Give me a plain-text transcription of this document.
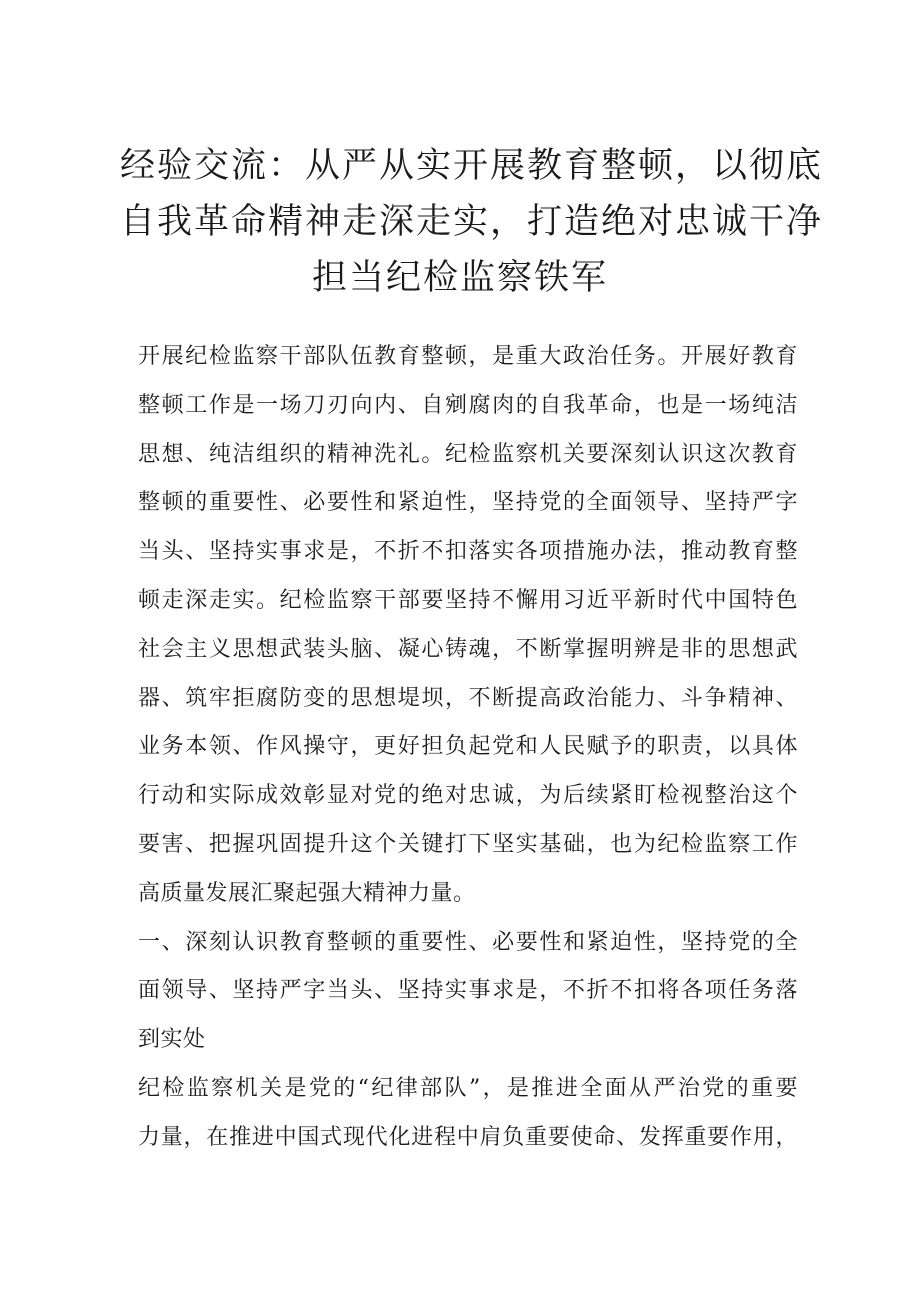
经验交流：从严从实开展教育整顿，以彻底
自我革命精神走深走实，打造绝对忠诚干净
担当纪检监察铁军

开展纪检监察干部队伍教育整顿，是重大政治任务。开展好教育
整顿工作是一场刀刃向内、自剜腐肉的自我革命，也是一场纯洁
思想、纯洁组织的精神洗礼。纪检监察机关要深刻认识这次教育
整顿的重要性、必要性和紧迫性，坚持党的全面领导、坚持严字
当头、坚持实事求是，不折不扣落实各项措施办法，推动教育整
顿走深走实。纪检监察干部要坚持不懈用习近平新时代中国特色
社会主义思想武装头脑、凝心铸魂，不断掌握明辨是非的思想武
器、筑牢拒腐防变的思想堤坝，不断提高政治能力、斗争精神、
业务本领、作风操守，更好担负起党和人民赋予的职责，以具体
行动和实际成效彰显对党的绝对忠诚，为后续紧盯检视整治这个
要害、把握巩固提升这个关键打下坚实基础，也为纪检监察工作
高质量发展汇聚起强大精神力量。

一、深刻认识教育整顿的重要性、必要性和紧迫性，坚持党的全
面领导、坚持严字当头、坚持实事求是，不折不扣将各项任务落
到实处

纪检监察机关是党的“纪律部队”，是推进全面从严治党的重要
力量，在推进中国式现代化进程中肩负重要使命、发挥重要作用，
